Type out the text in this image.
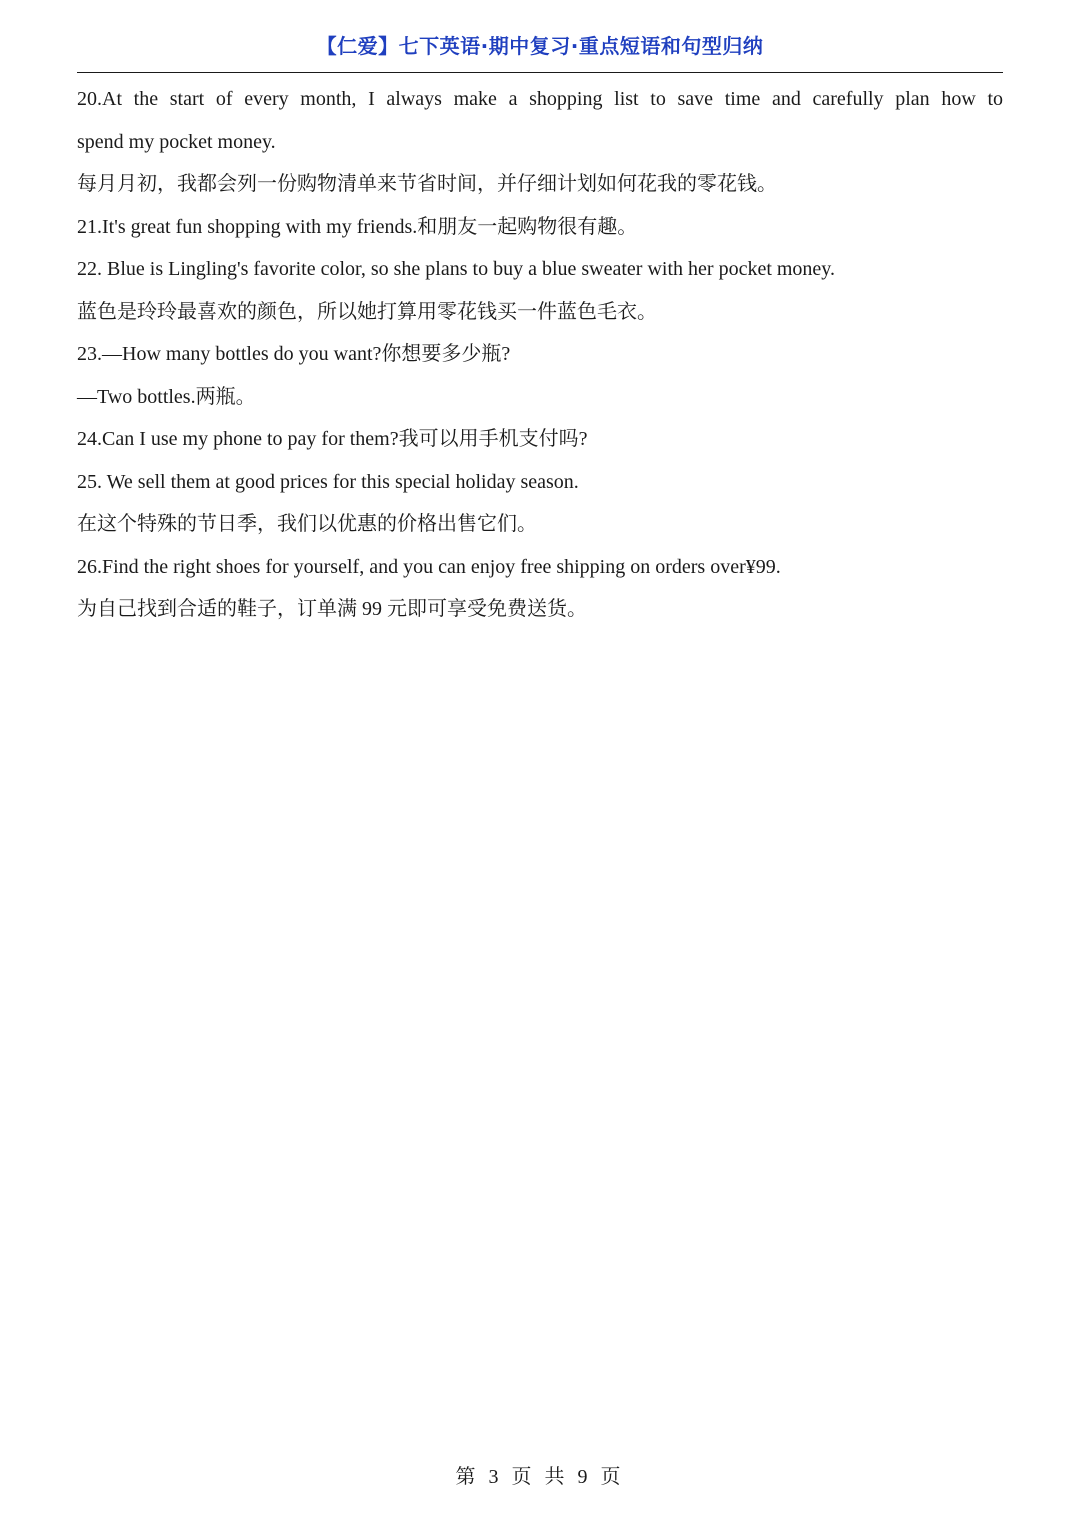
【仁爱】七下英语·期中复习·重点短语和句型归纳
20.At the start of every month, I always make a shopping list to save time and carefully plan how to
spend my pocket money.
每月月初，我都会列一份购物清单来节省时间，并仔细计划如何花我的零花钱。
21.It's great fun shopping with my friends.和朋友一起购物很有趣。
22. Blue is Lingling's favorite color, so she plans to buy a blue sweater with her pocket money.
蓝色是玲玲最喜欢的颜色，所以她打算用零花钱买一件蓝色毛衣。
23.—How many bottles do you want?你想要多少瓶?
—Two bottles.两瓶。
24.Can I use my phone to pay for them?我可以用手机支付吗?
25. We sell them at good prices for this special holiday season.
在这个特殊的节日季，我们以优惠的价格出售它们。
26.Find the right shoes for yourself, and you can enjoy free shipping on orders over¥99.
为自己找到合适的鞋子，订单满 99 元即可享受免费送货。
第 3 页 共 9 页
